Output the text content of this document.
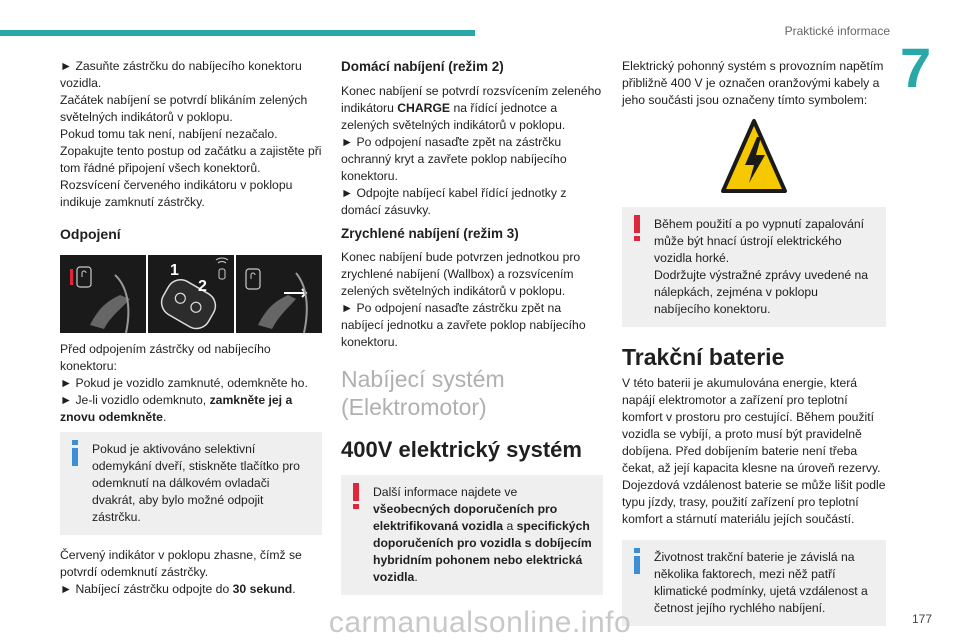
Praktické informace
7

► Zasuňte zástrčku do nabíjecího konektoru vozidla.

Začátek nabíjení se potvrdí blikáním zelených světelných indikátorů v poklopu.

Pokud tomu tak není, nabíjení nezačalo. Zopakujte tento postup od začátku a zajistěte při tom řádné připojení všech konektorů.

Rozsvícení červeného indikátoru v poklopu indikuje zamknutí zástrčky.

Odpojení
1
2

Před odpojením zástrčky od nabíjecího konektoru:

► Pokud je vozidlo zamknuté, odemkněte ho.

► Je-li vozidlo odemknuto, zamkněte jej a znovu odemkněte.

Pokud je aktivováno selektivní odemykání dveří, stiskněte tlačítko pro odemknutí na dálkovém ovladači dvakrát, aby bylo možné odpojit zástrčku.

Červený indikátor v poklopu zhasne, čímž se potvrdí odemknutí zástrčky.

► Nabíjecí zástrčku odpojte do 30 sekund.

Domácí nabíjení (režim 2)

Konec nabíjení se potvrdí rozsvícením zeleného indikátoru CHARGE na řídící jednotce a zelených světelných indikátorů v poklopu.

► Po odpojení nasaďte zpět na zástrčku ochranný kryt a zavřete poklop nabíjecího konektoru.

► Odpojte nabíjecí kabel řídící jednotky z domácí zásuvky.

Zrychlené nabíjení (režim 3)

Konec nabíjení bude potvrzen jednotkou pro zrychlené nabíjení (Wallbox) a rozsvícením zelených světelných indikátorů v poklopu.

► Po odpojení nasaďte zástrčku zpět na nabíjecí jednotku a zavřete poklop nabíjecího konektoru.

Nabíjecí systém (Elektromotor)

400V elektrický systém
Další informace najdete ve všeobecných doporučeních pro elektrifikovaná vozidla a specifických doporučeních pro vozidla s dobíjecím hybridním pohonem nebo elektrická vozidla.

Elektrický pohonný systém s provozním napětím přibližně 400 V je označen oranžovými kabely a jeho součásti jsou označeny tímto symbolem:

Během použití a po vypnutí zapalování může být hnací ústrojí elektrického vozidla horké.
Dodržujte výstražné zprávy uvedené na nálepkách, zejména v poklopu nabíjecího konektoru.
Trakční baterie

V této baterii je akumulována energie, která napájí elektromotor a zařízení pro teplotní komfort v prostoru pro cestující. Během použití vozidla se vybíjí, a proto musí být pravidelně dobíjena. Před dobíjením baterie není třeba čekat, až její kapacita klesne na úroveň rezervy. Dojezdová vzdálenost baterie se může lišit podle typu jízdy, trasy, použití zařízení pro teplotní komfort a stárnutí materiálu jejích součástí.

Životnost trakční baterie je závislá na několika faktorech, mezi něž patří klimatické podmínky, ujetá vzdálenost a četnost jejího rychlého nabíjení.
carmanualsonline.info	177
